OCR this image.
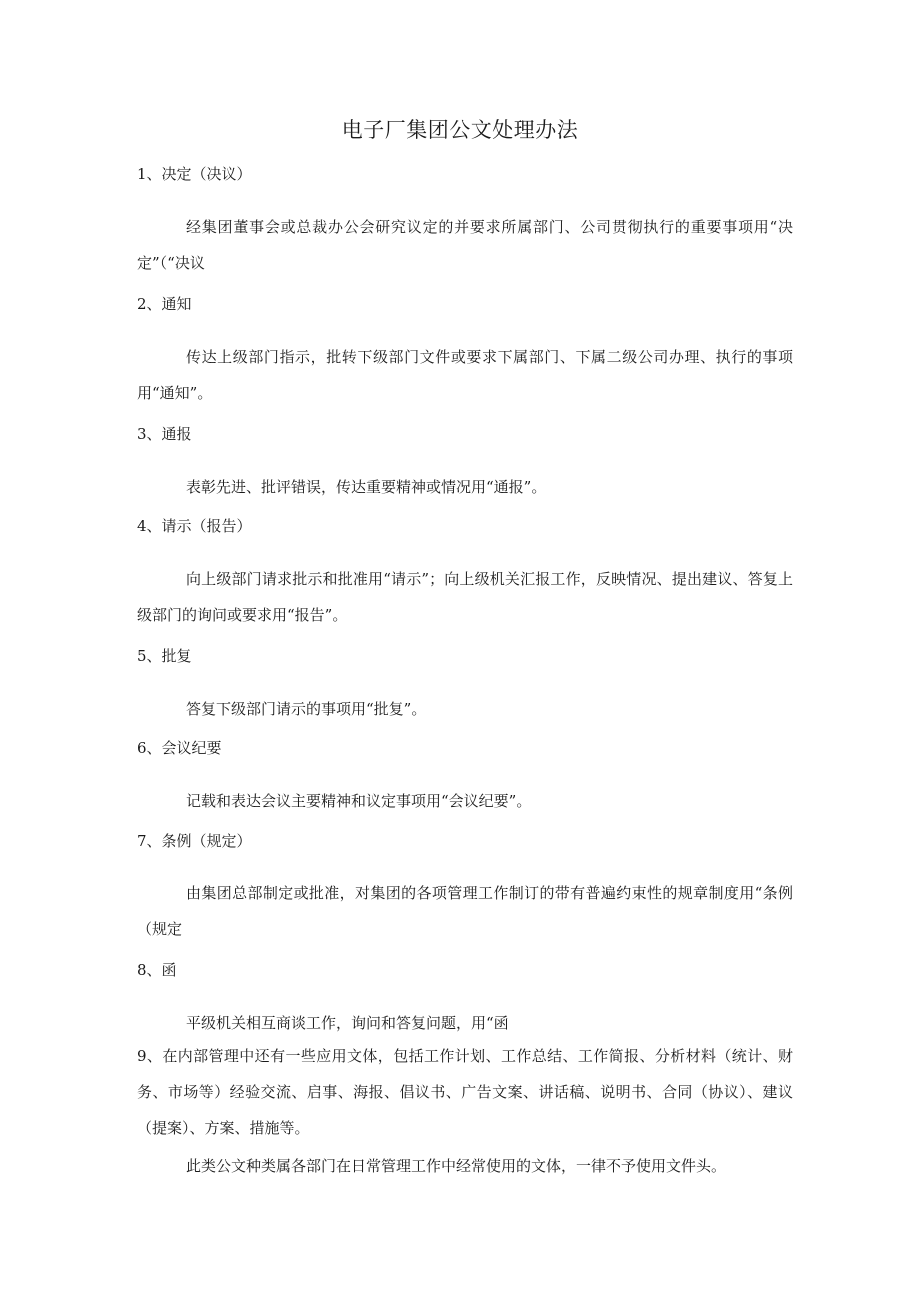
电子厂集团公文处理办法
1、决定（决议）
经集团董事会或总裁办公会研究议定的并要求所属部门、公司贯彻执行的重要事项用“决定”（“决议
2、通知
传达上级部门指示，批转下级部门文件或要求下属部门、下属二级公司办理、执行的事项用“通知”。
3、通报
表彰先进、批评错误，传达重要精神或情况用“通报”。
4、请示（报告）
向上级部门请求批示和批准用“请示”；向上级机关汇报工作，反映情况、提出建议、答复上级部门的询问或要求用“报告”。
5、批复
答复下级部门请示的事项用“批复”。
6、会议纪要
记载和表达会议主要精神和议定事项用“会议纪要”。
7、条例（规定）
由集团总部制定或批准，对集团的各项管理工作制订的带有普遍约束性的规章制度用“条例（规定
8、函
平级机关相互商谈工作，询问和答复问题，用“函
9、在内部管理中还有一些应用文体，包括工作计划、工作总结、工作简报、分析材料（统计、财务、市场等）经验交流、启事、海报、倡议书、广告文案、讲话稿、说明书、合同（协议）、建议（提案）、方案、措施等。
此类公文种类属各部门在日常管理工作中经常使用的文体，一律不予使用文件头。
